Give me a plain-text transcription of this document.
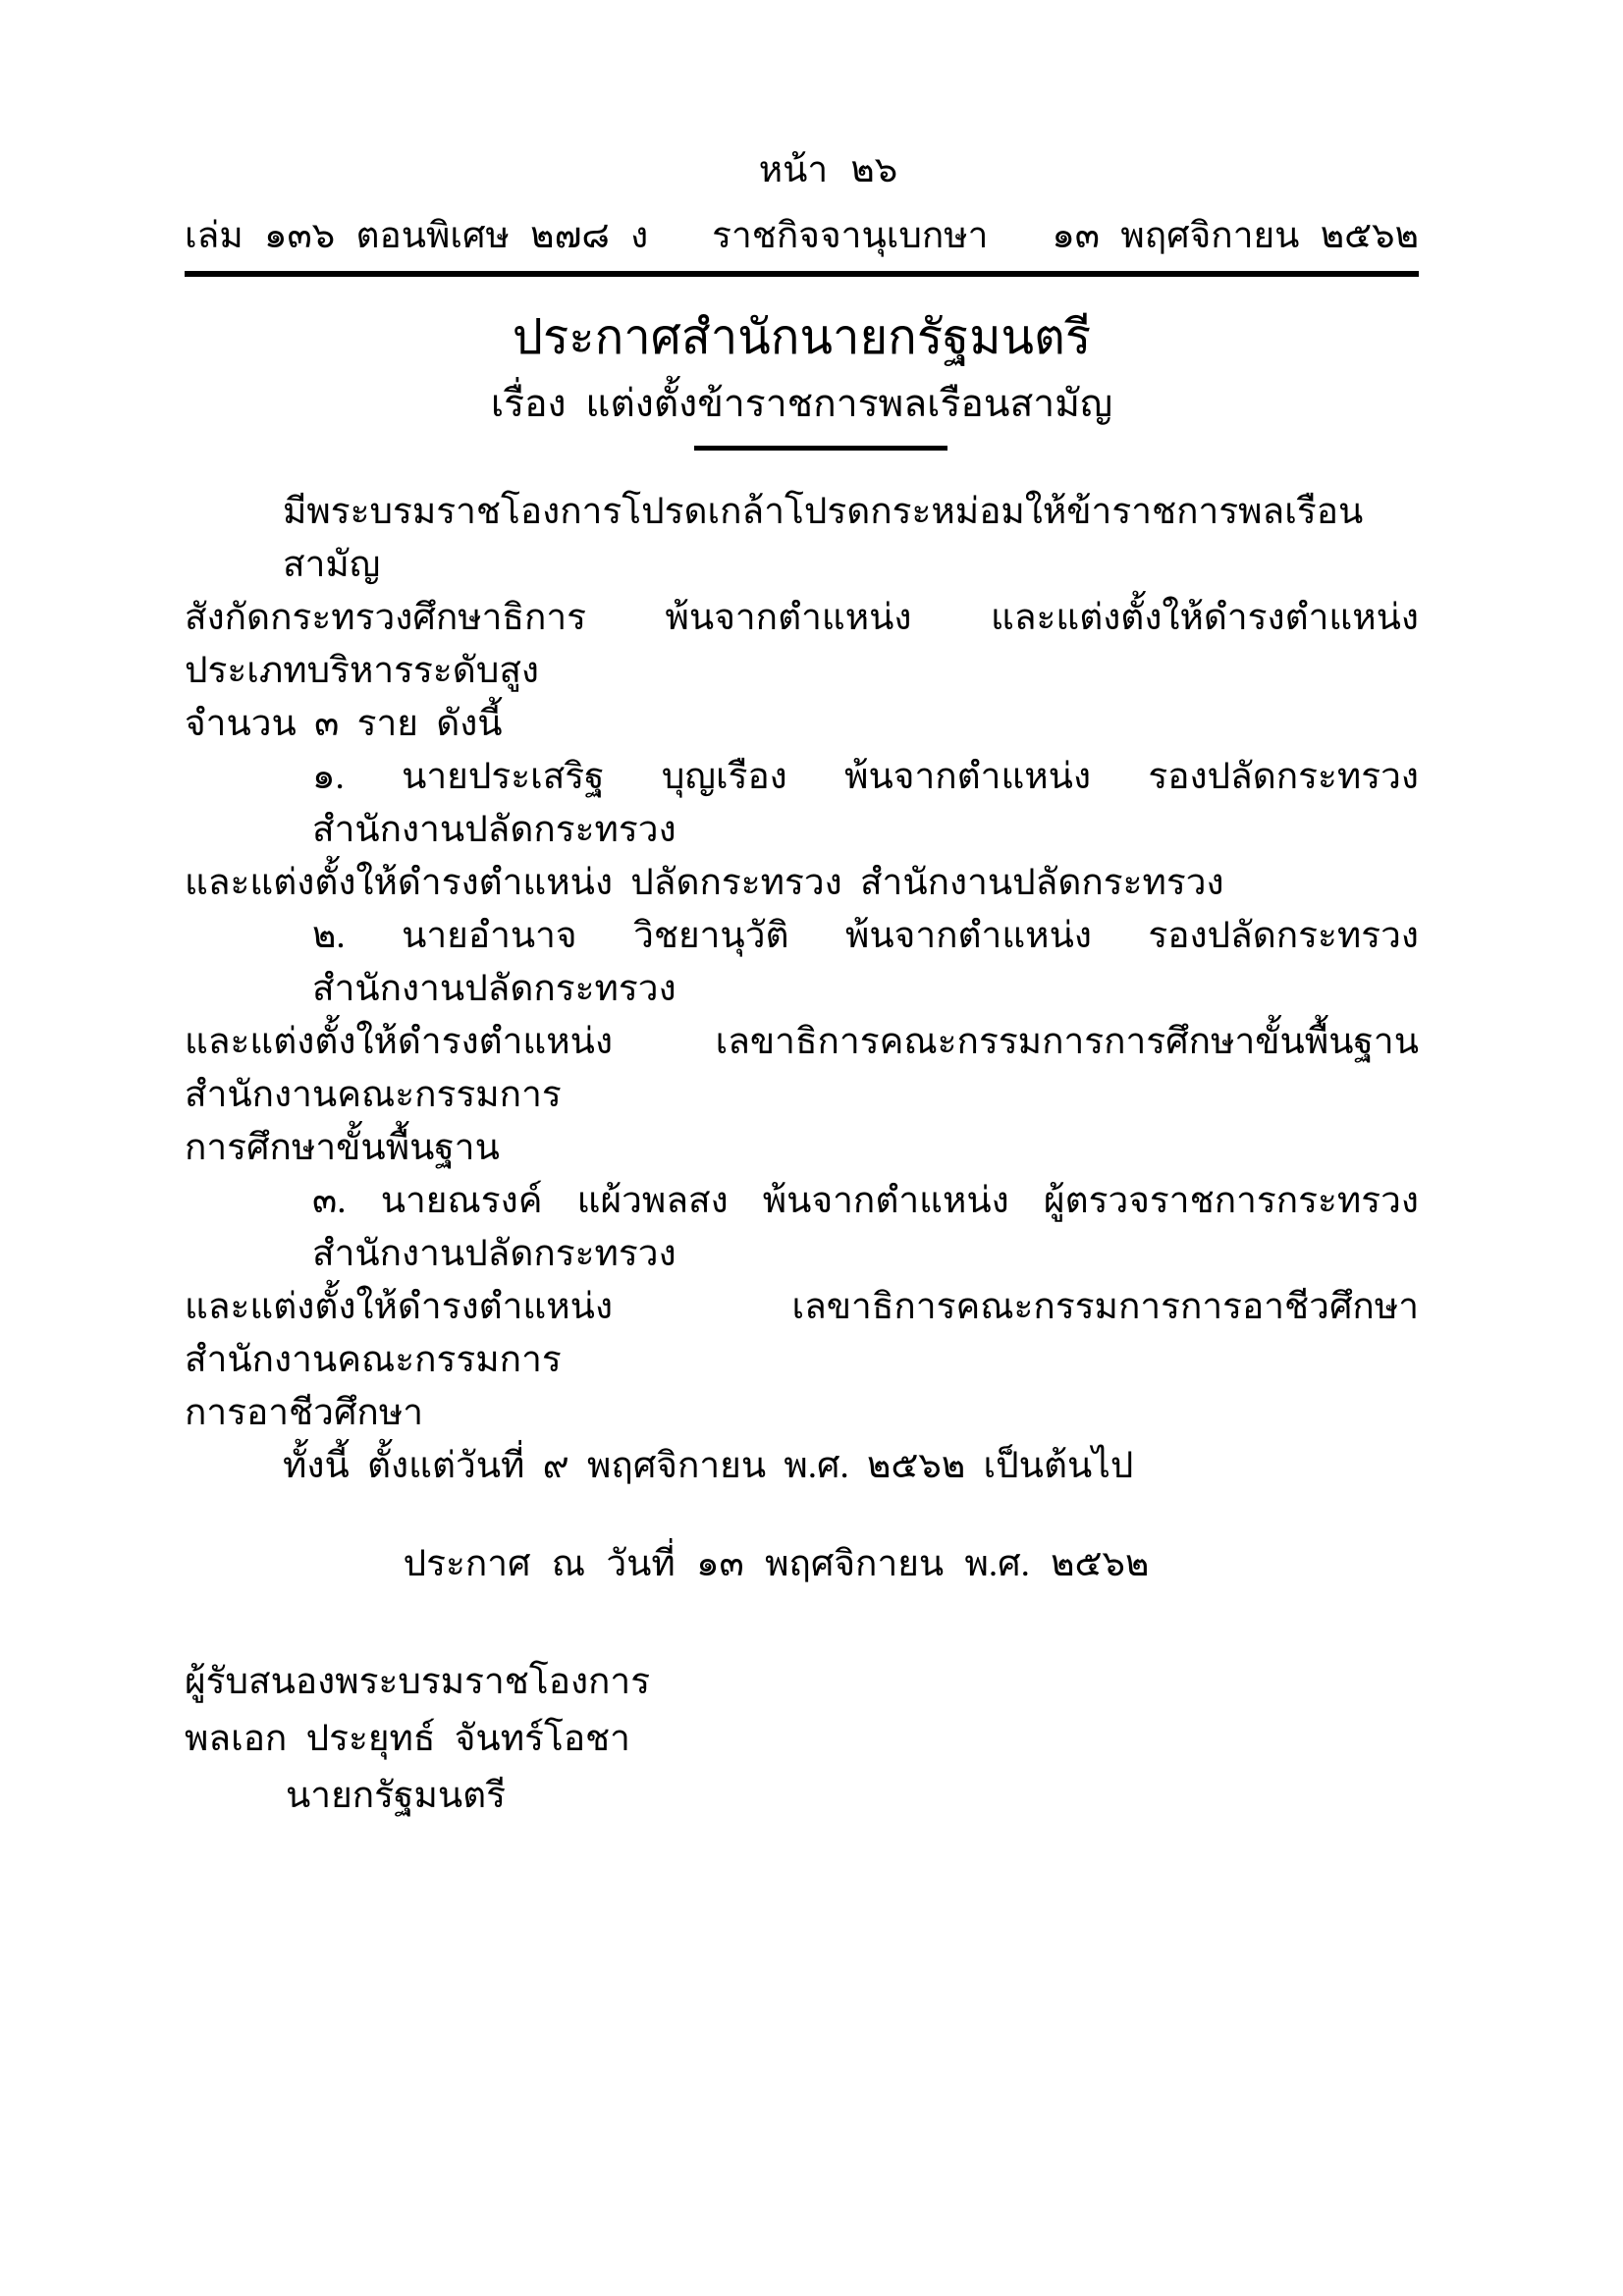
หน้า ๒๖
เล่ม ๑๓๖ ตอนพิเศษ ๒๗๘ ง ราชกิจจานุเบกษา ๑๓ พฤศจิกายน ๒๕๖๒
ประกาศสำนักนายกรัฐมนตรี
เรื่อง แต่งตั้งข้าราชการพลเรือนสามัญ
มีพระบรมราชโองการโปรดเกล้าโปรดกระหม่อมให้ข้าราชการพลเรือนสามัญ
สังกัดกระทรวงศึกษาธิการ พ้นจากตำแหน่ง และแต่งตั้งให้ดำรงตำแหน่งประเภทบริหารระดับสูง
จำนวน ๓ ราย ดังนี้
๑. นายประเสริฐ บุญเรือง พ้นจากตำแหน่ง รองปลัดกระทรวง สำนักงานปลัดกระทรวง
และแต่งตั้งให้ดำรงตำแหน่ง ปลัดกระทรวง สำนักงานปลัดกระทรวง
๒. นายอำนาจ วิชยานุวัติ พ้นจากตำแหน่ง รองปลัดกระทรวง สำนักงานปลัดกระทรวง
และแต่งตั้งให้ดำรงตำแหน่ง เลขาธิการคณะกรรมการการศึกษาขั้นพื้นฐาน สำนักงานคณะกรรมการ
การศึกษาขั้นพื้นฐาน
๓. นายณรงค์ แผ้วพลสง พ้นจากตำแหน่ง ผู้ตรวจราชการกระทรวง สำนักงานปลัดกระทรวง
และแต่งตั้งให้ดำรงตำแหน่ง เลขาธิการคณะกรรมการการอาชีวศึกษา สำนักงานคณะกรรมการ
การอาชีวศึกษา
ทั้งนี้ ตั้งแต่วันที่ ๙ พฤศจิกายน พ.ศ. ๒๕๖๒ เป็นต้นไป
ประกาศ ณ วันที่ ๑๓ พฤศจิกายน พ.ศ. ๒๕๖๒
ผู้รับสนองพระบรมราชโองการ
พลเอก ประยุทธ์ จันทร์โอชา
นายกรัฐมนตรี
